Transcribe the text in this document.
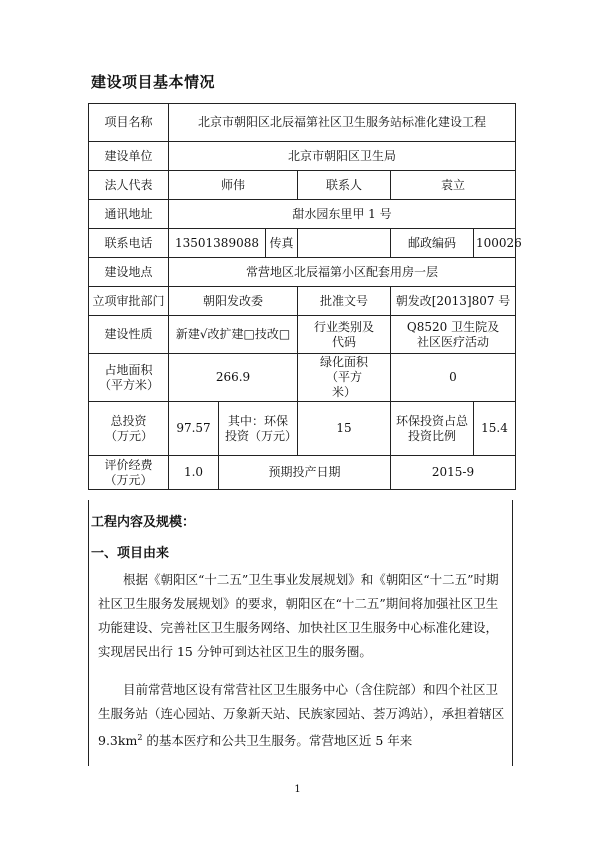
建设项目基本情况
项目名称	北京市朝阳区北辰福第社区卫生服务站标准化建设工程					
建设单位	北京市朝阳区卫生局					
法人代表	师伟			联系人	袁立	
通讯地址	甜水园东里甲 1 号					
联系电话	13501389088		传真		邮政编码	100026
建设地点	常营地区北辰福第小区配套用房一层					
立项审批部门	朝阳发改委			批准文号	朝发改[2013]807 号	
建设性质	新建√改扩建□技改□			行业类别及代码	Q8520 卫生院及社区医疗活动	
占地面积（平方米）	266.9			绿化面积（平方米）	0	
总投资（万元）	97.57	其中：环保投资（万元）		15	环保投资占总投资比例	15.4
评价经费（万元）	1.0	预期投产日期			2015-9	
工程内容及规模：
一、项目由来

根据《朝阳区“十二五”卫生事业发展规划》和《朝阳区“十二五”时期社区卫生服务发展规划》的要求，朝阳区在“十二五”期间将加强社区卫生功能建设、完善社区卫生服务网络、加快社区卫生服务中心标准化建设，实现居民出行 15 分钟可到达社区卫生的服务圈。

目前常营地区设有常营社区卫生服务中心（含住院部）和四个社区卫生服务站（连心园站、万象新天站、民族家园站、荟万鸿站），承担着辖区 $9.3km^2$ 的基本医疗和公共卫生服务。常营地区近 5 年来

1
